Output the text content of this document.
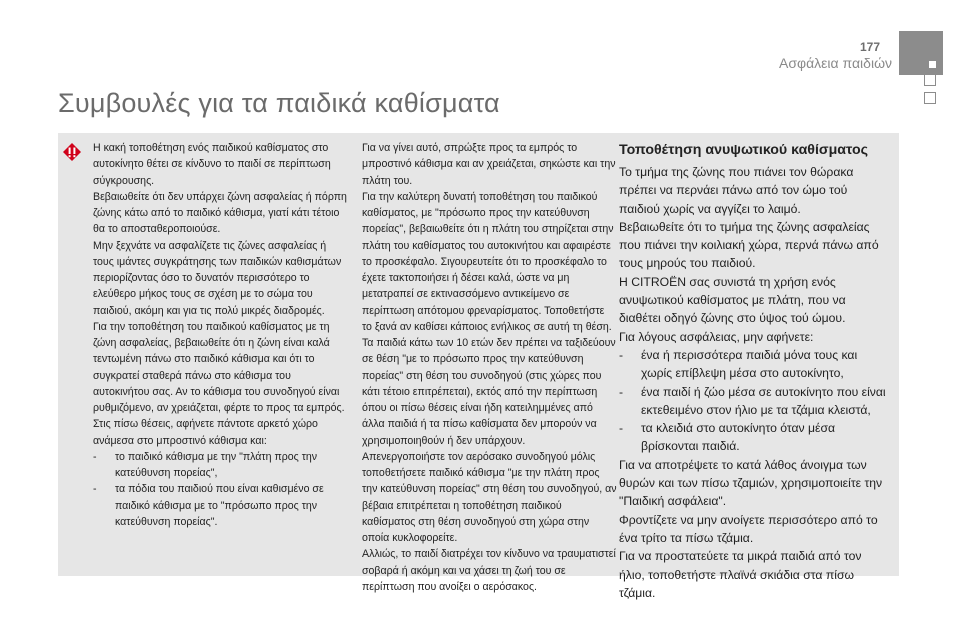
177
Ασφάλεια παιδιών
Συμβουλές για τα παιδικά καθίσματα

Η κακή τοποθέτηση ενός παιδικού καθίσματος στο αυτοκίνητο θέτει σε κίνδυνο το παιδί σε περίπτωση σύγκρουσης.

Βεβαιωθείτε ότι δεν υπάρχει ζώνη ασφαλείας ή πόρπη ζώνης κάτω από το παιδικό κάθισμα, γιατί κάτι τέτοιο θα το αποσταθεροποιούσε.

Μην ξεχνάτε να ασφαλίζετε τις ζώνες ασφαλείας ή τους ιμάντες συγκράτησης των παιδικών καθισμάτων περιορίζοντας όσο το δυνατόν περισσότερο το ελεύθερο μήκος τους σε σχέση με το σώμα του παιδιού, ακόμη και για τις πολύ μικρές διαδρομές.

Για την τοποθέτηση του παιδικού καθίσματος με τη ζώνη ασφαλείας, βεβαιωθείτε ότι η ζώνη είναι καλά τεντωμένη πάνω στο παιδικό κάθισμα και ότι το συγκρατεί σταθερά πάνω στο κάθισμα του αυτοκινήτου σας. Αν το κάθισμα του συνοδηγού είναι ρυθμιζόμενο, αν χρειάζεται, φέρτε το προς τα εμπρός.

Στις πίσω θέσεις, αφήνετε πάντοτε αρκετό χώρο ανάμεσα στο μπροστινό κάθισμα και:

- το παιδικό κάθισμα με την "πλάτη προς την κατεύθυνση πορείας",
- τα πόδια του παιδιού που είναι καθισμένο σε παιδικό κάθισμα με το "πρόσωπο προς την κατεύθυνση πορείας".

Για να γίνει αυτό, σπρώξτε προς τα εμπρός το μπροστινό κάθισμα και αν χρειάζεται, σηκώστε και την πλάτη του.

Για την καλύτερη δυνατή τοποθέτηση του παιδικού καθίσματος, με "πρόσωπο προς την κατεύθυνση πορείας", βεβαιωθείτε ότι η πλάτη του στηρίζεται στην πλάτη του καθίσματος του αυτοκινήτου και αφαιρέστε το προσκέφαλο. Σιγουρευτείτε ότι το προσκέφαλο το έχετε τακτοποιήσει ή δέσει καλά, ώστε να μη μετατραπεί σε εκτινασσόμενο αντικείμενο σε περίπτωση απότομου φρεναρίσματος. Τοποθετήστε το ξανά αν καθίσει κάποιος ενήλικος σε αυτή τη θέση.

Τα παιδιά κάτω των 10 ετών δεν πρέπει να ταξιδεύουν σε θέση "με το πρόσωπο προς την κατεύθυνση πορείας" στη θέση του συνοδηγού (στις χώρες που κάτι τέτοιο επιτρέπεται), εκτός από την περίπτωση όπου οι πίσω θέσεις είναι ήδη κατειλημμένες από άλλα παιδιά ή τα πίσω καθίσματα δεν μπορούν να χρησιμοποιηθούν ή δεν υπάρχουν.

Απενεργοποιήστε τον αερόσακο συνοδηγού μόλις τοποθετήσετε παιδικό κάθισμα "με την πλάτη προς την κατεύθυνση πορείας" στη θέση του συνοδηγού, αν βέβαια επιτρέπεται η τοποθέτηση παιδικού καθίσματος στη θέση συνοδηγού στη χώρα στην οποία κυκλοφορείτε.

Αλλιώς, το παιδί διατρέχει τον κίνδυνο να τραυματιστεί σοβαρά ή ακόμη και να χάσει τη ζωή του σε περίπτωση που ανοίξει ο αερόσακος.

Τοποθέτηση ανυψωτικού καθίσματος

Το τμήμα της ζώνης που πιάνει τον θώρακα πρέπει να περνάει πάνω από τον ώμο τού παιδιού χωρίς να αγγίζει το λαιμό.

Βεβαιωθείτε ότι το τμήμα της ζώνης ασφαλείας που πιάνει την κοιλιακή χώρα, περνά πάνω από τους μηρούς του παιδιού.

Η CITROËN σας συνιστά τη χρήση ενός ανυψωτικού καθίσματος με πλάτη, που να διαθέτει οδηγό ζώνης στο ύψος τού ώμου.

Για λόγους ασφάλειας, μην αφήνετε:

- ένα ή περισσότερα παιδιά μόνα τους και χωρίς επίβλεψη μέσα στο αυτοκίνητο,
- ένα παιδί ή ζώο μέσα σε αυτοκίνητο που είναι εκτεθειμένο στον ήλιο με τα τζάμια κλειστά,
- τα κλειδιά στο αυτοκίνητο όταν μέσα βρίσκονται παιδιά.

Για να αποτρέψετε το κατά λάθος άνοιγμα των θυρών και των πίσω τζαμιών, χρησιμοποιείτε την "Παιδική ασφάλεια".

Φροντίζετε να μην ανοίγετε περισσότερο από το ένα τρίτο τα πίσω τζάμια.

Για να προστατεύετε τα μικρά παιδιά από τον ήλιο, τοποθετήστε πλαϊνά σκιάδια στα πίσω τζάμια.
